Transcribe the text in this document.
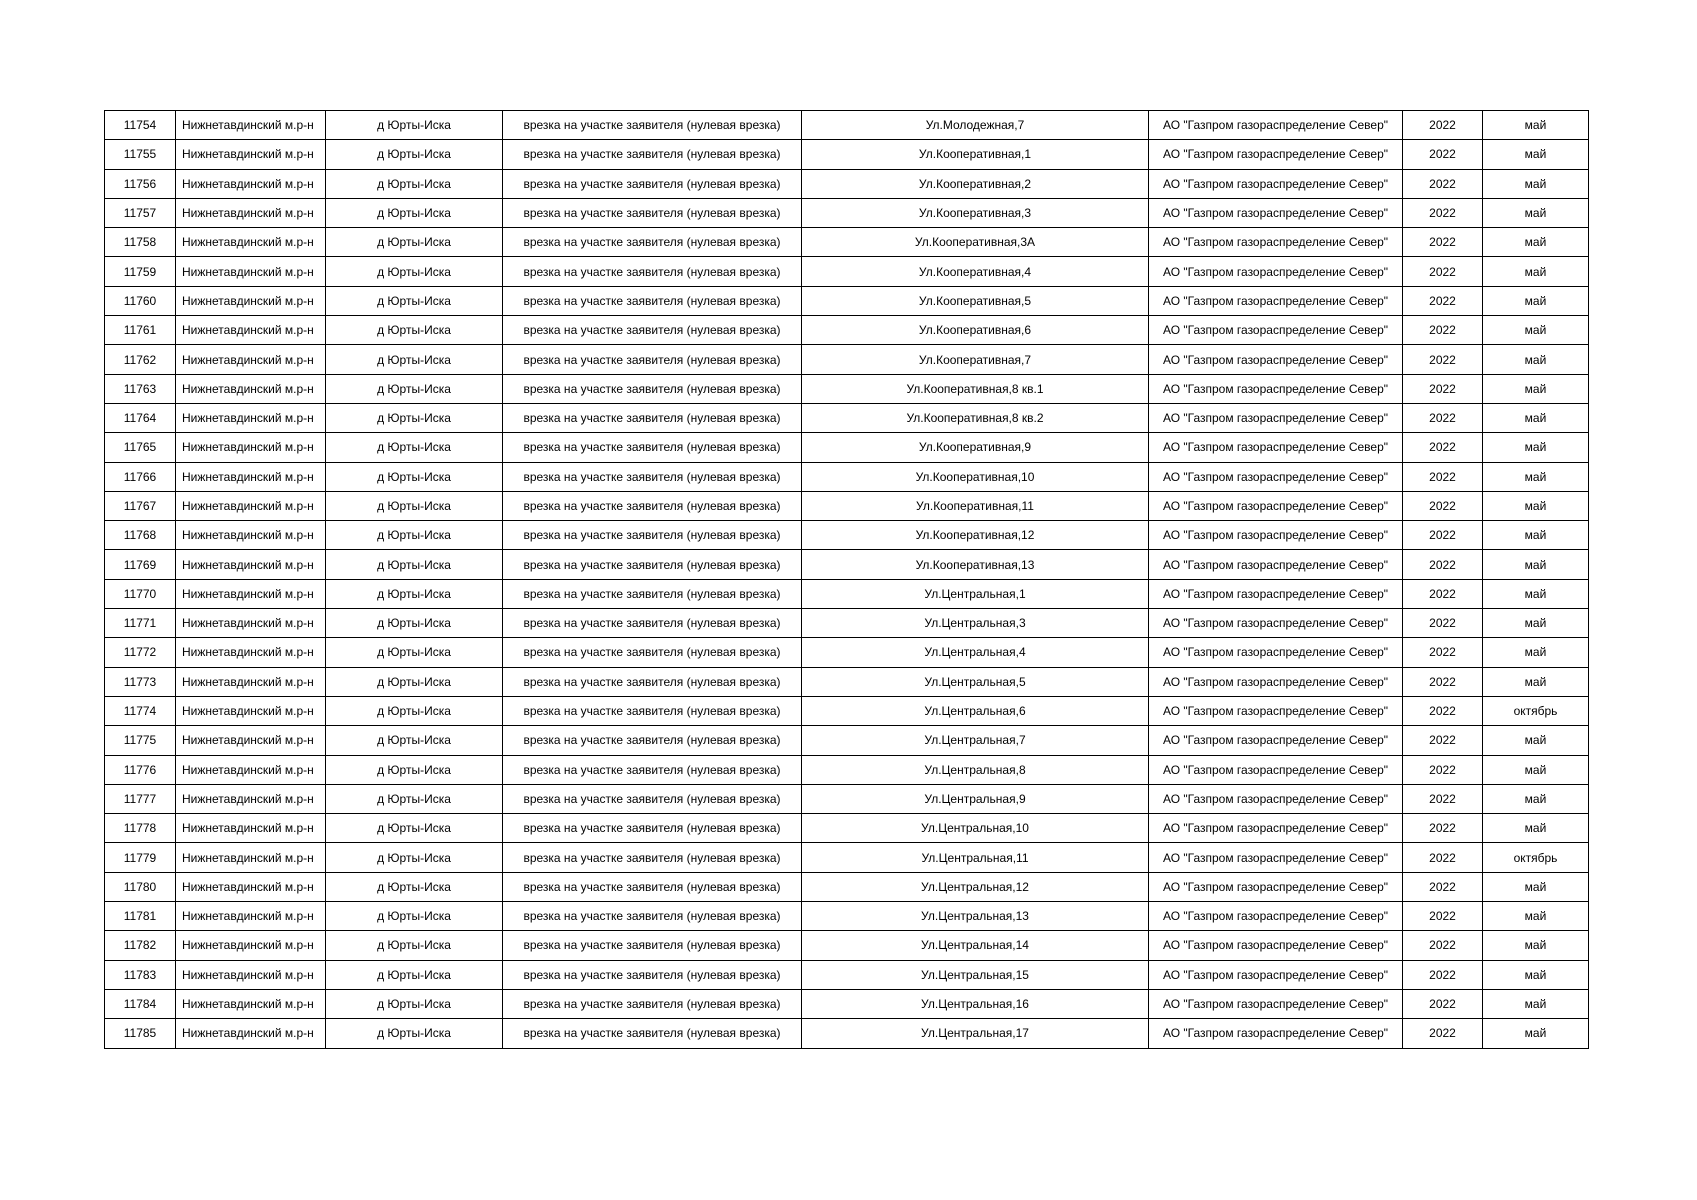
11754	Нижнетавдинский м.р-н	д Юрты-Иска	врезка на участке заявителя (нулевая врезка)	Ул.Молодежная,7	АО "Газпром газораспределение Север"	2022	май
11755	Нижнетавдинский м.р-н	д Юрты-Иска	врезка на участке заявителя (нулевая врезка)	Ул.Кооперативная,1	АО "Газпром газораспределение Север"	2022	май
11756	Нижнетавдинский м.р-н	д Юрты-Иска	врезка на участке заявителя (нулевая врезка)	Ул.Кооперативная,2	АО "Газпром газораспределение Север"	2022	май
11757	Нижнетавдинский м.р-н	д Юрты-Иска	врезка на участке заявителя (нулевая врезка)	Ул.Кооперативная,3	АО "Газпром газораспределение Север"	2022	май
11758	Нижнетавдинский м.р-н	д Юрты-Иска	врезка на участке заявителя (нулевая врезка)	Ул.Кооперативная,3А	АО "Газпром газораспределение Север"	2022	май
11759	Нижнетавдинский м.р-н	д Юрты-Иска	врезка на участке заявителя (нулевая врезка)	Ул.Кооперативная,4	АО "Газпром газораспределение Север"	2022	май
11760	Нижнетавдинский м.р-н	д Юрты-Иска	врезка на участке заявителя (нулевая врезка)	Ул.Кооперативная,5	АО "Газпром газораспределение Север"	2022	май
11761	Нижнетавдинский м.р-н	д Юрты-Иска	врезка на участке заявителя (нулевая врезка)	Ул.Кооперативная,6	АО "Газпром газораспределение Север"	2022	май
11762	Нижнетавдинский м.р-н	д Юрты-Иска	врезка на участке заявителя (нулевая врезка)	Ул.Кооперативная,7	АО "Газпром газораспределение Север"	2022	май
11763	Нижнетавдинский м.р-н	д Юрты-Иска	врезка на участке заявителя (нулевая врезка)	Ул.Кооперативная,8 кв.1	АО "Газпром газораспределение Север"	2022	май
11764	Нижнетавдинский м.р-н	д Юрты-Иска	врезка на участке заявителя (нулевая врезка)	Ул.Кооперативная,8 кв.2	АО "Газпром газораспределение Север"	2022	май
11765	Нижнетавдинский м.р-н	д Юрты-Иска	врезка на участке заявителя (нулевая врезка)	Ул.Кооперативная,9	АО "Газпром газораспределение Север"	2022	май
11766	Нижнетавдинский м.р-н	д Юрты-Иска	врезка на участке заявителя (нулевая врезка)	Ул.Кооперативная,10	АО "Газпром газораспределение Север"	2022	май
11767	Нижнетавдинский м.р-н	д Юрты-Иска	врезка на участке заявителя (нулевая врезка)	Ул.Кооперативная,11	АО "Газпром газораспределение Север"	2022	май
11768	Нижнетавдинский м.р-н	д Юрты-Иска	врезка на участке заявителя (нулевая врезка)	Ул.Кооперативная,12	АО "Газпром газораспределение Север"	2022	май
11769	Нижнетавдинский м.р-н	д Юрты-Иска	врезка на участке заявителя (нулевая врезка)	Ул.Кооперативная,13	АО "Газпром газораспределение Север"	2022	май
11770	Нижнетавдинский м.р-н	д Юрты-Иска	врезка на участке заявителя (нулевая врезка)	Ул.Центральная,1	АО "Газпром газораспределение Север"	2022	май
11771	Нижнетавдинский м.р-н	д Юрты-Иска	врезка на участке заявителя (нулевая врезка)	Ул.Центральная,3	АО "Газпром газораспределение Север"	2022	май
11772	Нижнетавдинский м.р-н	д Юрты-Иска	врезка на участке заявителя (нулевая врезка)	Ул.Центральная,4	АО "Газпром газораспределение Север"	2022	май
11773	Нижнетавдинский м.р-н	д Юрты-Иска	врезка на участке заявителя (нулевая врезка)	Ул.Центральная,5	АО "Газпром газораспределение Север"	2022	май
11774	Нижнетавдинский м.р-н	д Юрты-Иска	врезка на участке заявителя (нулевая врезка)	Ул.Центральная,6	АО "Газпром газораспределение Север"	2022	октябрь
11775	Нижнетавдинский м.р-н	д Юрты-Иска	врезка на участке заявителя (нулевая врезка)	Ул.Центральная,7	АО "Газпром газораспределение Север"	2022	май
11776	Нижнетавдинский м.р-н	д Юрты-Иска	врезка на участке заявителя (нулевая врезка)	Ул.Центральная,8	АО "Газпром газораспределение Север"	2022	май
11777	Нижнетавдинский м.р-н	д Юрты-Иска	врезка на участке заявителя (нулевая врезка)	Ул.Центральная,9	АО "Газпром газораспределение Север"	2022	май
11778	Нижнетавдинский м.р-н	д Юрты-Иска	врезка на участке заявителя (нулевая врезка)	Ул.Центральная,10	АО "Газпром газораспределение Север"	2022	май
11779	Нижнетавдинский м.р-н	д Юрты-Иска	врезка на участке заявителя (нулевая врезка)	Ул.Центральная,11	АО "Газпром газораспределение Север"	2022	октябрь
11780	Нижнетавдинский м.р-н	д Юрты-Иска	врезка на участке заявителя (нулевая врезка)	Ул.Центральная,12	АО "Газпром газораспределение Север"	2022	май
11781	Нижнетавдинский м.р-н	д Юрты-Иска	врезка на участке заявителя (нулевая врезка)	Ул.Центральная,13	АО "Газпром газораспределение Север"	2022	май
11782	Нижнетавдинский м.р-н	д Юрты-Иска	врезка на участке заявителя (нулевая врезка)	Ул.Центральная,14	АО "Газпром газораспределение Север"	2022	май
11783	Нижнетавдинский м.р-н	д Юрты-Иска	врезка на участке заявителя (нулевая врезка)	Ул.Центральная,15	АО "Газпром газораспределение Север"	2022	май
11784	Нижнетавдинский м.р-н	д Юрты-Иска	врезка на участке заявителя (нулевая врезка)	Ул.Центральная,16	АО "Газпром газораспределение Север"	2022	май
11785	Нижнетавдинский м.р-н	д Юрты-Иска	врезка на участке заявителя (нулевая врезка)	Ул.Центральная,17	АО "Газпром газораспределение Север"	2022	май
